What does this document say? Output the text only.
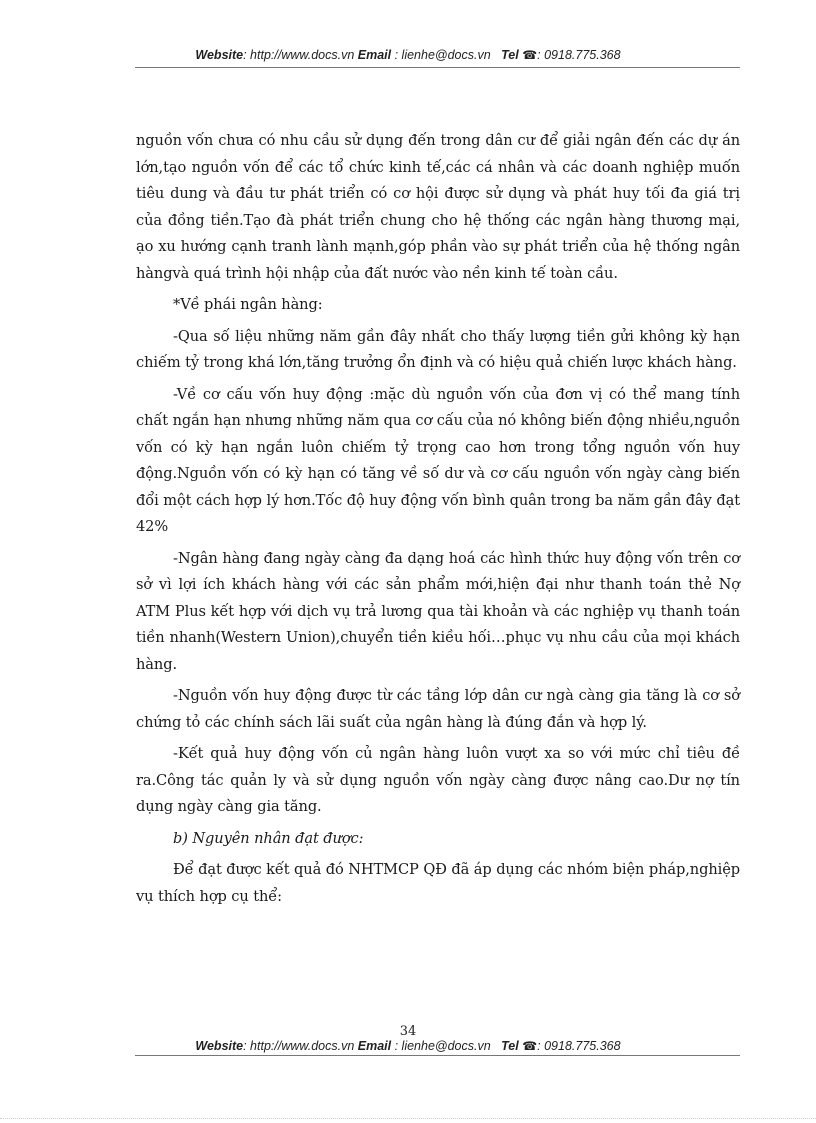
Website: http://www.docs.vn Email : lienhe@docs.vn Tel ☎: 0918.775.368

nguồn vốn chưa có nhu cầu sử dụng đến trong dân cư để giải ngân đến các dự án lớn,tạo nguồn vốn để các tổ chức kinh tế,các cá nhân và các doanh nghiệp muốn tiêu dung và đầu tư phát triển có cơ hội được sử dụng và phát huy tối đa giá trị của đồng tiền.Tạo đà phát triển chung cho hệ thống các ngân hàng thương mại, ạo xu hướng cạnh tranh lành mạnh,góp phần vào sự phát triển của hệ thống ngân hàngvà quá trình hội nhập của đất nước vào nền kinh tế toàn cầu.

*Về phái ngân hàng:

-Qua số liệu những năm gần đây nhất cho thấy lượng tiền gửi không kỳ hạn chiếm tỷ trong khá lớn,tăng trưởng ổn định và có hiệu quả chiến lược khách hàng.

-Về cơ cấu vốn huy động :mặc dù nguồn vốn của đơn vị có thể mang tính chất ngắn hạn nhưng những năm qua cơ cấu của nó không biến động nhiều,nguồn vốn có kỳ hạn ngắn luôn chiếm tỷ trọng cao hơn trong tổng nguồn vốn huy động.Nguồn vốn có kỳ hạn có tăng về số dư và cơ cấu nguồn vốn ngày càng biến đổi một cách hợp lý hơn.Tốc độ huy động vốn bình quân trong ba năm gần đây đạt 42%

-Ngân hàng đang ngày càng đa dạng hoá các hình thức huy động vốn trên cơ sở vì lợi ích khách hàng với các sản phẩm mới,hiện đại như thanh toán thẻ Nợ ATM Plus kết hợp với dịch vụ trả lương qua tài khoản và các nghiệp vụ thanh toán tiền nhanh(Western Union),chuyển tiền kiều hối…phục vụ nhu cầu của mọi khách hàng.

-Nguồn vốn huy động được từ các tầng lớp dân cư ngà càng gia tăng là cơ sở chứng tỏ các chính sách lãi suất của ngân hàng là đúng đắn và hợp lý.

-Kết quả huy động vốn củ ngân hàng luôn vượt xa so với mức chỉ tiêu đề ra.Công tác quản ly và sử dụng nguồn vốn ngày càng được nâng cao.Dư nợ tín dụng ngày càng gia tăng.

b) Nguyên nhân đạt được:

Để đạt được kết quả đó NHTMCP QĐ đã áp dụng các nhóm biện pháp,nghiệp vụ thích hợp cụ thể:

34
Website: http://www.docs.vn Email : lienhe@docs.vn Tel ☎: 0918.775.368
